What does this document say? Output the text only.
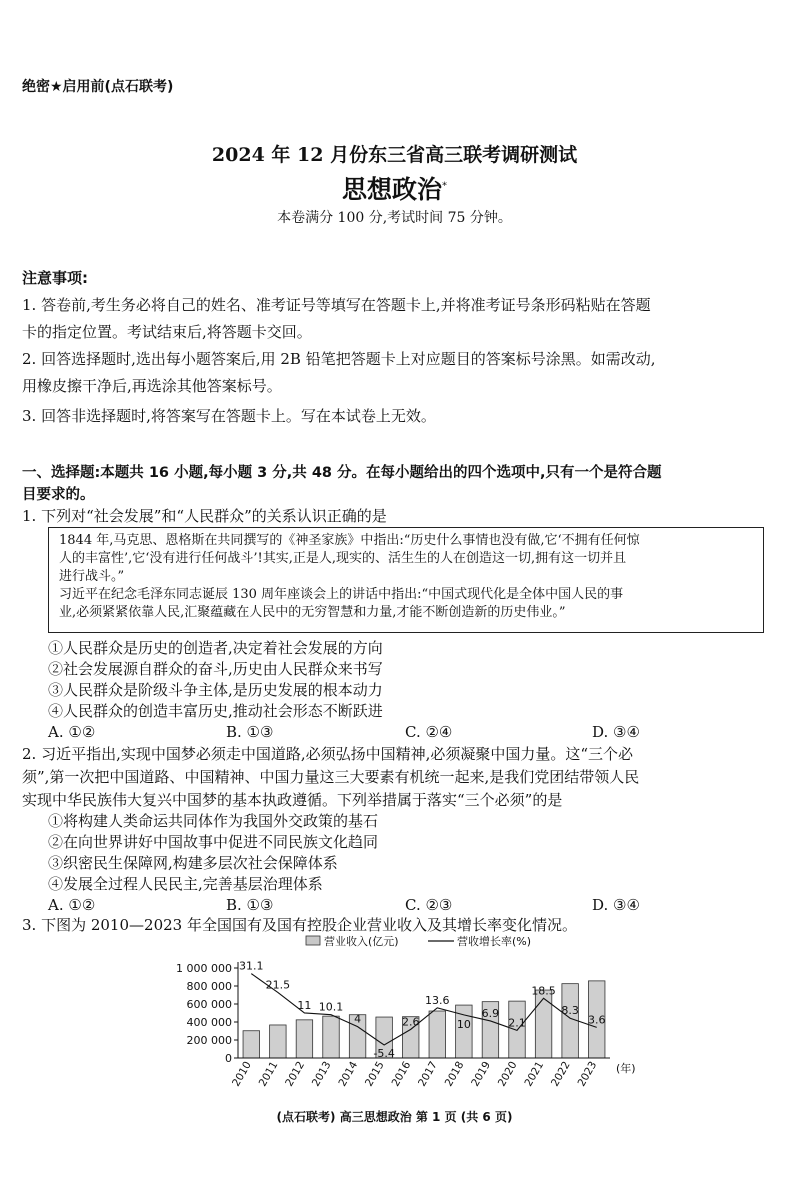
绝密★启用前(点石联考)
2024 年 12 月份东三省高三联考调研测试
思想政治*
本卷满分 100 分,考试时间 75 分钟。
注意事项:
1. 答卷前,考生务必将自己的姓名、准考证号等填写在答题卡上,并将准考证号条形码粘贴在答题
卡的指定位置。考试结束后,将答题卡交回。
2. 回答选择题时,选出每小题答案后,用 2B 铅笔把答题卡上对应题目的答案标号涂黑。如需改动,
用橡皮擦干净后,再选涂其他答案标号。
3. 回答非选择题时,将答案写在答题卡上。写在本试卷上无效。
一、选择题:本题共 16 小题,每小题 3 分,共 48 分。在每小题给出的四个选项中,只有一个是符合题
目要求的。
1. 下列对“社会发展”和“人民群众”的关系认识正确的是

1844 年,马克思、恩格斯在共同撰写的《神圣家族》中指出:“历史什么事情也没有做,它‘不拥有任何惊

人的丰富性’,它‘没有进行任何战斗’!其实,正是人,现实的、活生生的人在创造这一切,拥有这一切并且

进行战斗。”

习近平在纪念毛泽东同志诞辰 130 周年座谈会上的讲话中指出:“中国式现代化是全体中国人民的事

业,必须紧紧依靠人民,汇聚蕴藏在人民中的无穷智慧和力量,才能不断创造新的历史伟业。”

①人民群众是历史的创造者,决定着社会发展的方向
②社会发展源自群众的奋斗,历史由人民群众来书写
③人民群众是阶级斗争主体,是历史发展的根本动力
④人民群众的创造丰富历史,推动社会形态不断跃进
A. ①②	B. ①③	C. ②④	D. ③④
2. 习近平指出,实现中国梦必须走中国道路,必须弘扬中国精神,必须凝聚中国力量。这“三个必
须”,第一次把中国道路、中国精神、中国力量这三大要素有机统一起来,是我们党团结带领人民
实现中华民族伟大复兴中国梦的基本执政遵循。下列举措属于落实“三个必须”的是
①将构建人类命运共同体作为我国外交政策的基石
②在向世界讲好中国故事中促进不同民族文化趋同
③织密民生保障网,构建多层次社会保障体系
④发展全过程人民民主,完善基层治理体系
A. ①②	B. ①③	C. ②③	D. ③④
3. 下图为 2010—2023 年全国国有及国有控股企业营业收入及其增长率变化情况。
营业收入(亿元)	营收增长率(%)
1 000 000
800 000
600 000
400 000
200 000
0
31.1
21.5
11 10.1
4
-5.4
2.6
13.6
10
6.9
2.1
18.5
8.3
3.6
2010 2011 2012 2013 2014 2015 2016 2017 2018 2019 2020 2021 2022 2023 (年)
(点石联考) 高三思想政治 第 1 页 (共 6 页)
